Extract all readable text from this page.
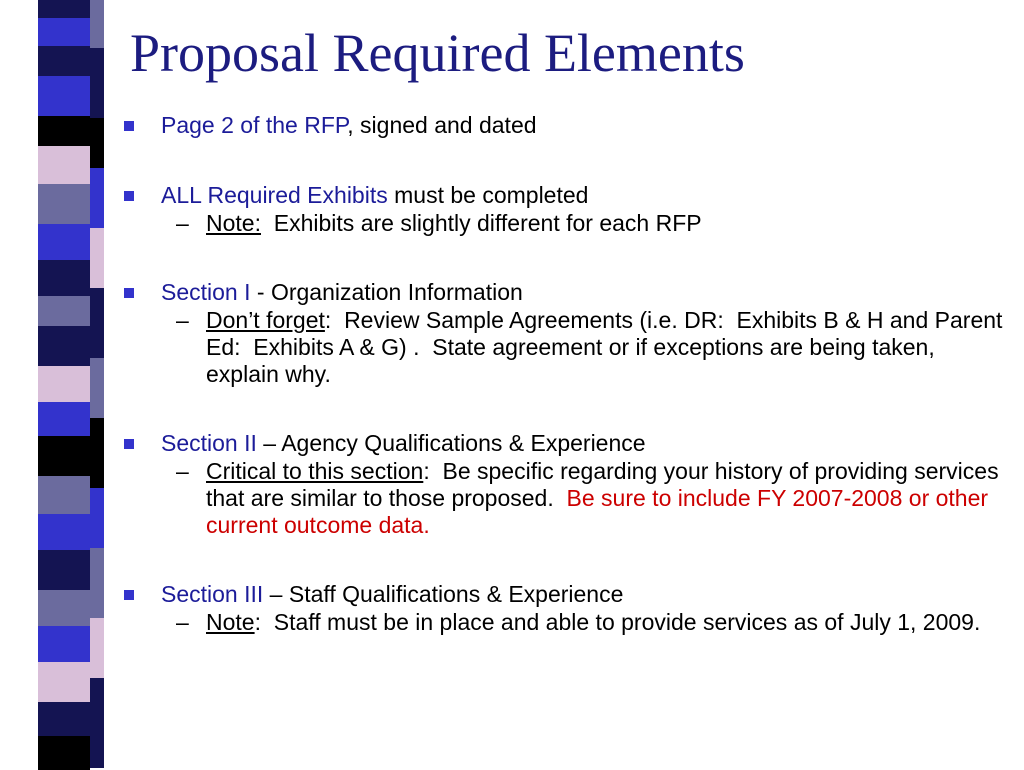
Proposal Required Elements
Page 2 of the RFP, signed and dated
ALL Required Exhibits must be completed
– Note:  Exhibits are slightly different for each RFP
Section I - Organization Information
– Don’t forget:  Review Sample Agreements (i.e. DR:  Exhibits B & H and Parent Ed:  Exhibits A & G) .  State agreement or if exceptions are being taken, explain why.
Section II – Agency Qualifications & Experience
– Critical to this section:  Be specific regarding your history of providing services that are similar to those proposed.  Be sure to include FY 2007-2008 or other current outcome data.
Section III – Staff Qualifications & Experience
– Note:  Staff must be in place and able to provide services as of July 1, 2009.
